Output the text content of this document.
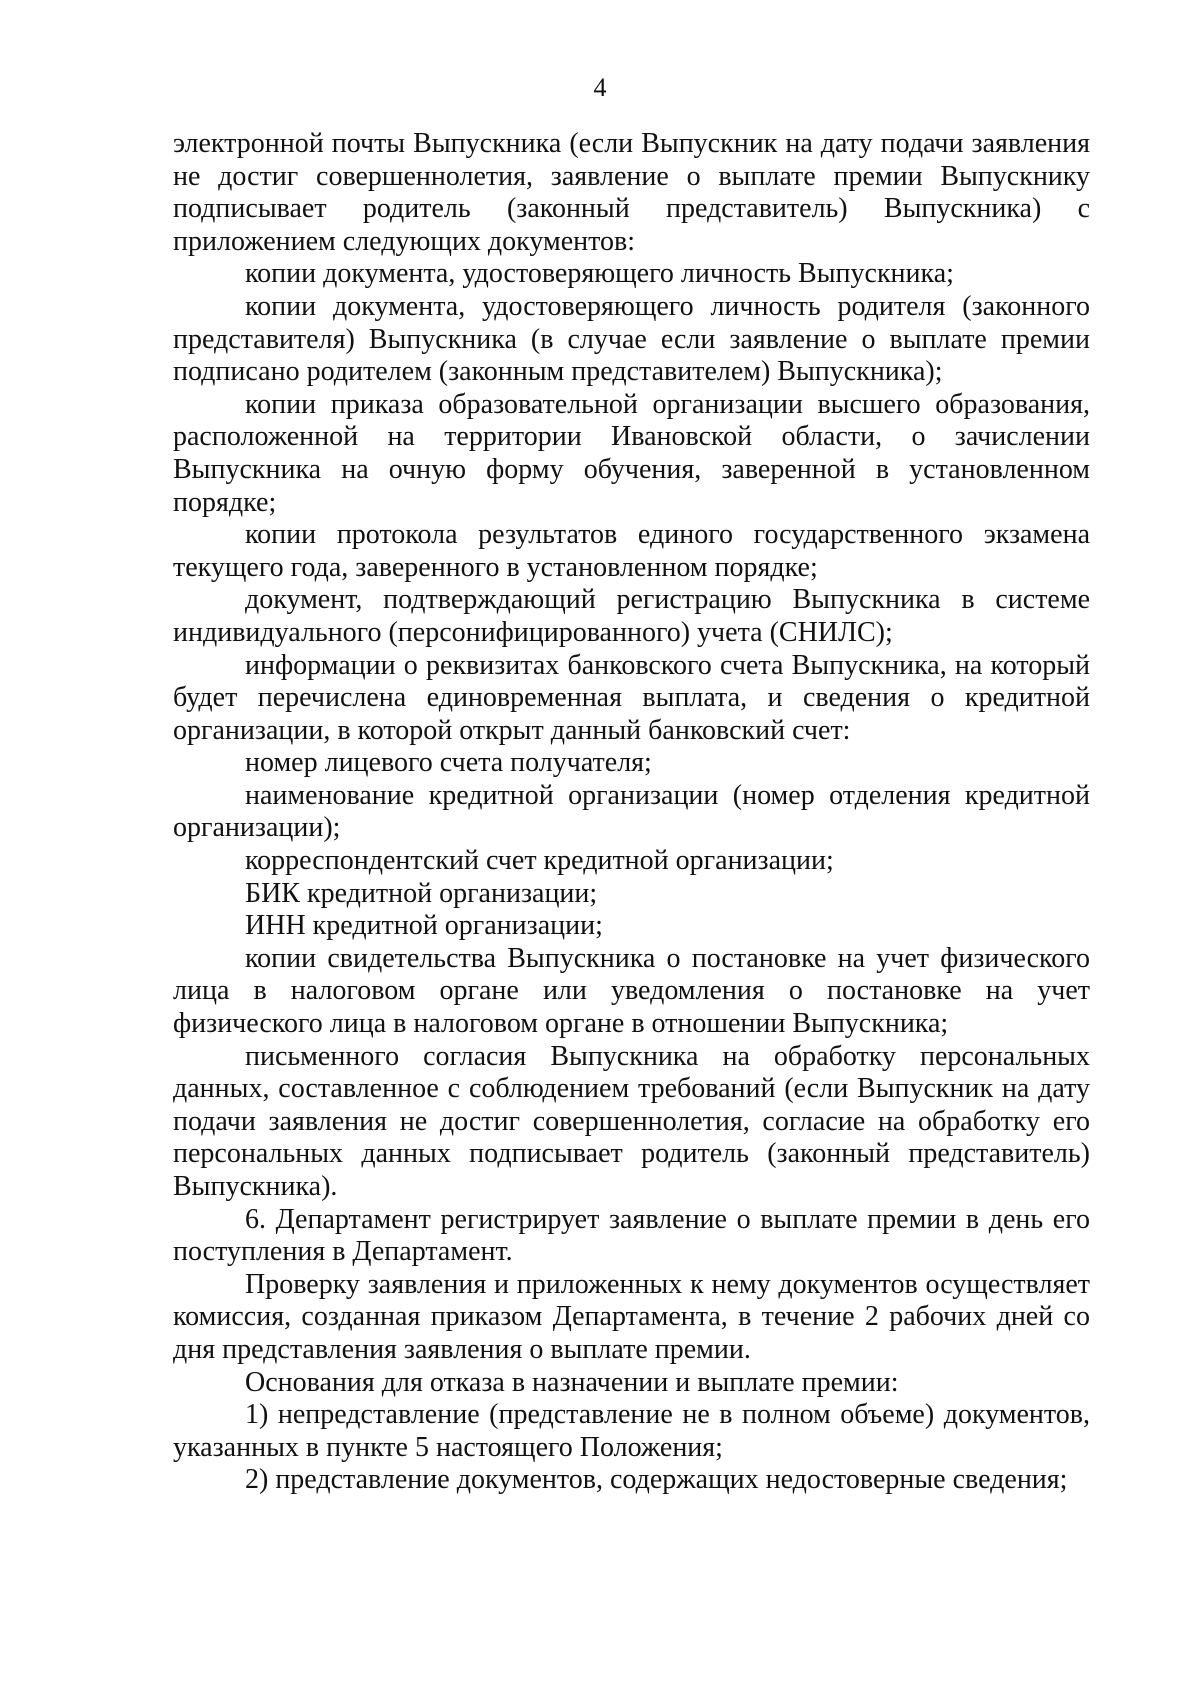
4

электронной почты Выпускника (если Выпускник на дату подачи заявления не достиг совершеннолетия, заявление о выплате премии Выпускнику подписывает родитель (законный представитель) Выпускника) с приложением следующих документов:

копии документа, удостоверяющего личность Выпускника;

копии документа, удостоверяющего личность родителя (законного представителя) Выпускника (в случае если заявление о выплате премии подписано родителем (законным представителем) Выпускника);

копии приказа образовательной организации высшего образования, расположенной на территории Ивановской области, о зачислении Выпускника на очную форму обучения, заверенной в установленном порядке;

копии протокола результатов единого государственного экзамена текущего года, заверенного в установленном порядке;

документ, подтверждающий регистрацию Выпускника в системе индивидуального (персонифицированного) учета (СНИЛС);

информации о реквизитах банковского счета Выпускника, на который будет перечислена единовременная выплата, и сведения о кредитной организации, в которой открыт данный банковский счет:

номер лицевого счета получателя;

наименование кредитной организации (номер отделения кредитной организации);

корреспондентский счет кредитной организации;

БИК кредитной организации;

ИНН кредитной организации;

копии свидетельства Выпускника о постановке на учет физического лица в налоговом органе или уведомления о постановке на учет физического лица в налоговом органе в отношении Выпускника;

письменного согласия Выпускника на обработку персональных данных, составленное с соблюдением требований (если Выпускник на дату подачи заявления не достиг совершеннолетия, согласие на обработку его персональных данных подписывает родитель (законный представитель) Выпускника).

6. Департамент регистрирует заявление о выплате премии в день его поступления в Департамент.

Проверку заявления и приложенных к нему документов осуществляет комиссия, созданная приказом Департамента, в течение 2 рабочих дней со дня представления заявления о выплате премии.

Основания для отказа в назначении и выплате премии:

1) непредставление (представление не в полном объеме) документов, указанных в пункте 5 настоящего Положения;

2) представление документов, содержащих недостоверные сведения;
